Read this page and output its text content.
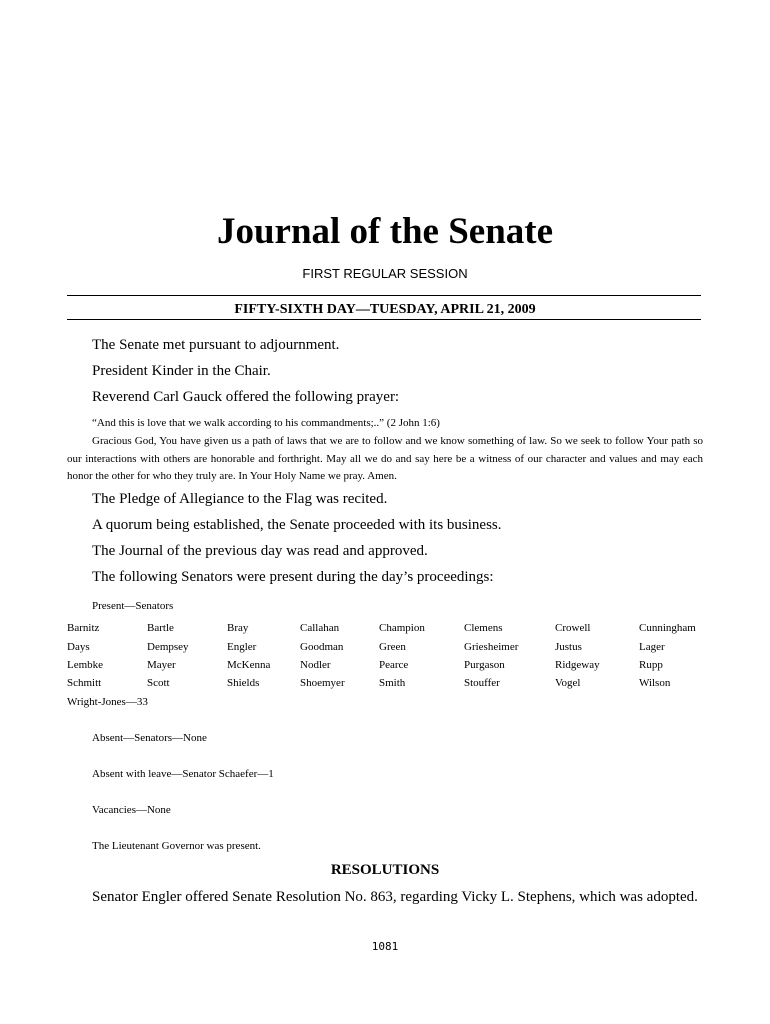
Journal of the Senate
FIRST REGULAR SESSION
FIFTY-SIXTH DAY—TUESDAY, APRIL 21, 2009

The Senate met pursuant to adjournment.

President Kinder in the Chair.

Reverend Carl Gauck offered the following prayer:

“And this is love that we walk according to his commandments;..” (2 John 1:6)

Gracious God, You have given us a path of laws that we are to follow and we know something of law. So we seek to follow Your path so our interactions with others are honorable and forthright. May all we do and say here be a witness of our character and values and may each honor the other for who they truly are. In Your Holy Name we pray. Amen.

The Pledge of Allegiance to the Flag was recited.

A quorum being established, the Senate proceeded with its business.

The Journal of the previous day was read and approved.

The following Senators were present during the day’s proceedings:

Present—Senators

Barnitz	Bartle	Bray	Callahan	Champion	Clemens	Crowell	Cunningham
Days	Dempsey	Engler	Goodman	Green	Griesheimer	Justus	Lager
Lembke	Mayer	McKenna	Nodler	Pearce	Purgason	Ridgeway	Rupp
Schmitt	Scott	Shields	Shoemyer	Smith	Stouffer	Vogel	Wilson
Wright-Jones—33

Absent—Senators—None

Absent with leave—Senator Schaefer—1

Vacancies—None

The Lieutenant Governor was present.

RESOLUTIONS

Senator Engler offered Senate Resolution No. 863, regarding Vicky L. Stephens, which was adopted.

1081
